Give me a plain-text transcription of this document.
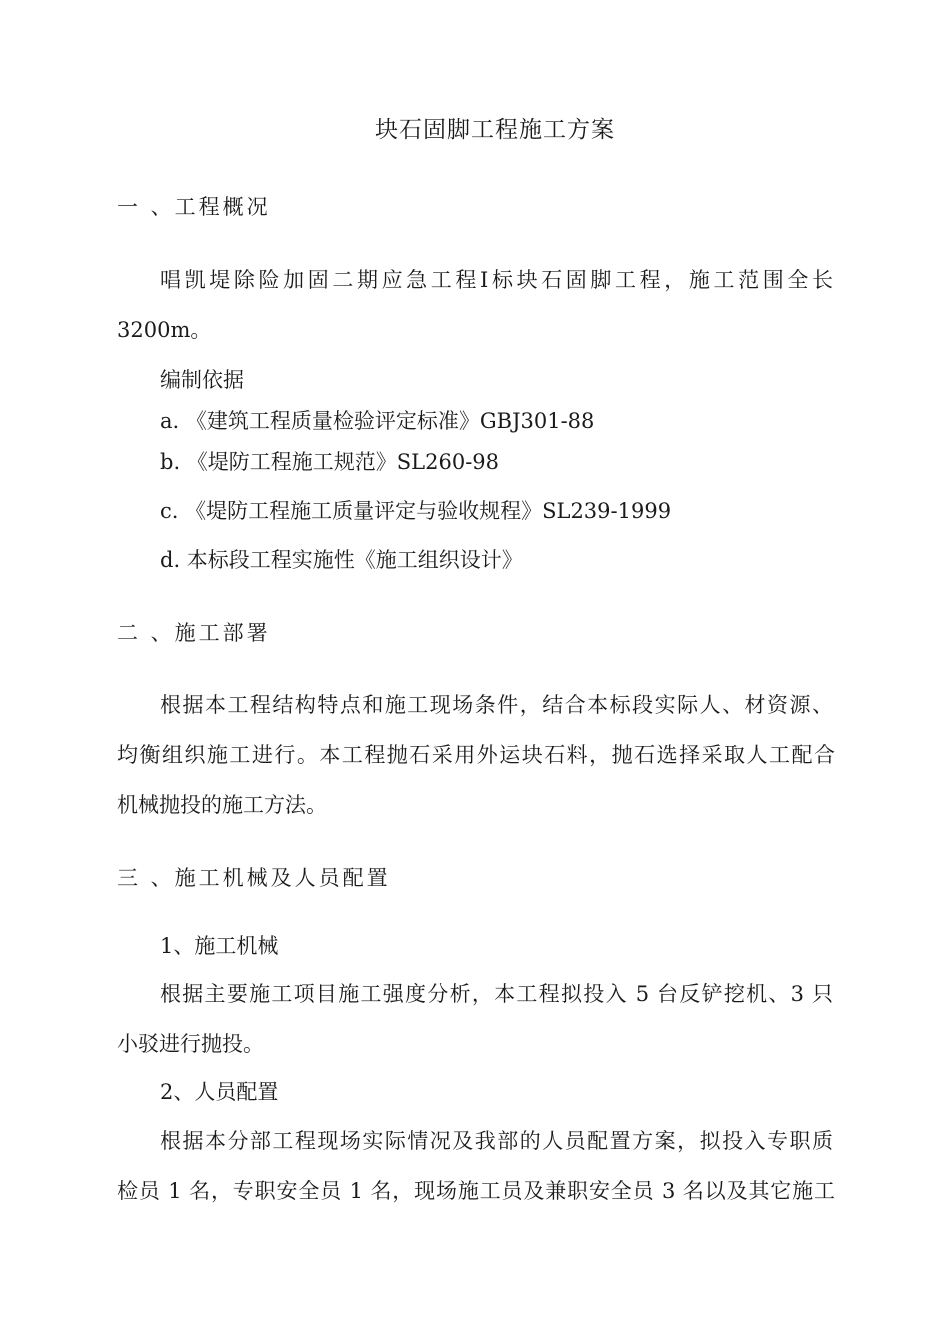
块石固脚工程施工方案
一 、工程概况
唱凯堤除险加固二期应急工程Ⅰ标块石固脚工程，施工范围全长
3200m。
编制依据
a. 《建筑工程质量检验评定标准》GBJ301-88
b. 《堤防工程施工规范》SL260-98
c. 《堤防工程施工质量评定与验收规程》SL239-1999
d. 本标段工程实施性《施工组织设计》
二 、施工部署
根据本工程结构特点和施工现场条件，结合本标段实际人、材资源、
均衡组织施工进行。本工程抛石采用外运块石料，抛石选择采取人工配合
机械抛投的施工方法。
三 、施工机械及人员配置
1、施工机械
根据主要施工项目施工强度分析，本工程拟投入 5 台反铲挖机、3 只
小驳进行抛投。
2、人员配置
根据本分部工程现场实际情况及我部的人员配置方案，拟投入专职质
检员 1 名，专职安全员 1 名，现场施工员及兼职安全员 3 名以及其它施工
